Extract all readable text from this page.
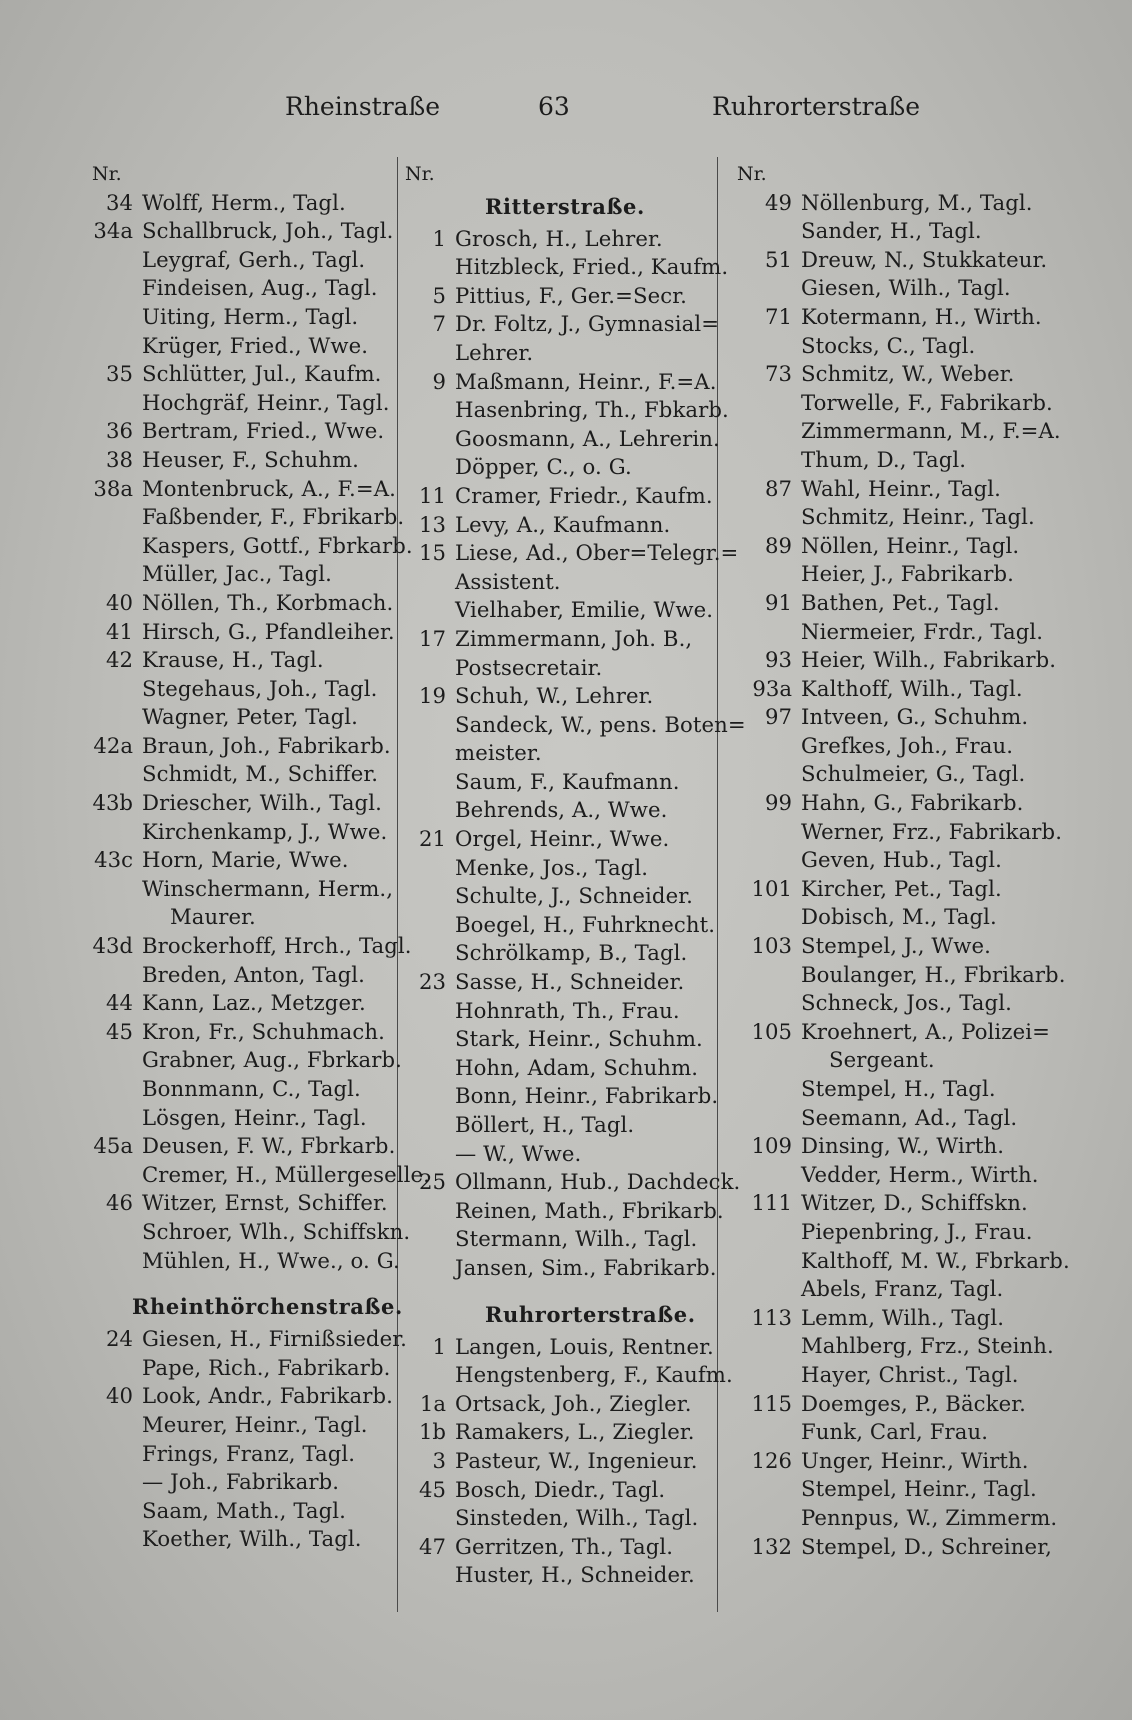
Rheinstraße	63	Ruhrorterstraße
Nr.
34 Wolff, Herm., Tagl.
34a Schallbruck, Joh., Tagl.
Leygraf, Gerh., Tagl.
Findeisen, Aug., Tagl.
Uiting, Herm., Tagl.
Krüger, Fried., Wwe.
35 Schlütter, Jul., Kaufm.
Hochgräf, Heinr., Tagl.
36 Bertram, Fried., Wwe.
38 Heuser, F., Schuhm.
38a Montenbruck, A., F.=A.
Faßbender, F., Fbrikarb.
Kaspers, Gottf., Fbrkarb.
Müller, Jac., Tagl.
40 Nöllen, Th., Korbmach.
41 Hirsch, G., Pfandleiher.
42 Krause, H., Tagl.
Stegehaus, Joh., Tagl.
Wagner, Peter, Tagl.
42a Braun, Joh., Fabrikarb.
Schmidt, M., Schiffer.
43b Driescher, Wilh., Tagl.
Kirchenkamp, J., Wwe.
43c Horn, Marie, Wwe.
Winschermann, Herm.,
Maurer.
43d Brockerhoff, Hrch., Tagl.
Breden, Anton, Tagl.
44 Kann, Laz., Metzger.
45 Kron, Fr., Schuhmach.
Grabner, Aug., Fbrkarb.
Bonnmann, C., Tagl.
Lösgen, Heinr., Tagl.
45a Deusen, F. W., Fbrkarb.
Cremer, H., Müllergeselle.
46 Witzer, Ernst, Schiffer.
Schroer, Wlh., Schiffskn.
Mühlen, H., Wwe., o. G.
Rheinthörchenstraße.
24 Giesen, H., Firnißsieder.
Pape, Rich., Fabrikarb.
40 Look, Andr., Fabrikarb.
Meurer, Heinr., Tagl.
Frings, Franz, Tagl.
— Joh., Fabrikarb.
Saam, Math., Tagl.
Koether, Wilh., Tagl.
Nr.
Ritterstraße.
1 Grosch, H., Lehrer.
Hitzbleck, Fried., Kaufm.
5 Pittius, F., Ger.=Secr.
7 Dr. Foltz, J., Gymnasial=
Lehrer.
9 Maßmann, Heinr., F.=A.
Hasenbring, Th., Fbkarb.
Goosmann, A., Lehrerin.
Döpper, C., o. G.
11 Cramer, Friedr., Kaufm.
13 Levy, A., Kaufmann.
15 Liese, Ad., Ober=Telegr.=
Assistent.
Vielhaber, Emilie, Wwe.
17 Zimmermann, Joh. B.,
Postsecretair.
19 Schuh, W., Lehrer.
Sandeck, W., pens. Boten=
meister.
Saum, F., Kaufmann.
Behrends, A., Wwe.
21 Orgel, Heinr., Wwe.
Menke, Jos., Tagl.
Schulte, J., Schneider.
Boegel, H., Fuhrknecht.
Schrölkamp, B., Tagl.
23 Sasse, H., Schneider.
Hohnrath, Th., Frau.
Stark, Heinr., Schuhm.
Hohn, Adam, Schuhm.
Bonn, Heinr., Fabrikarb.
Böllert, H., Tagl.
— W., Wwe.
25 Ollmann, Hub., Dachdeck.
Reinen, Math., Fbrikarb.
Stermann, Wilh., Tagl.
Jansen, Sim., Fabrikarb.
Ruhrorterstraße.
1 Langen, Louis, Rentner.
Hengstenberg, F., Kaufm.
1a Ortsack, Joh., Ziegler.
1b Ramakers, L., Ziegler.
3 Pasteur, W., Ingenieur.
45 Bosch, Diedr., Tagl.
Sinsteden, Wilh., Tagl.
47 Gerritzen, Th., Tagl.
Huster, H., Schneider.
Nr.
49 Nöllenburg, M., Tagl.
Sander, H., Tagl.
51 Dreuw, N., Stukkateur.
Giesen, Wilh., Tagl.
71 Kotermann, H., Wirth.
Stocks, C., Tagl.
73 Schmitz, W., Weber.
Torwelle, F., Fabrikarb.
Zimmermann, M., F.=A.
Thum, D., Tagl.
87 Wahl, Heinr., Tagl.
Schmitz, Heinr., Tagl.
89 Nöllen, Heinr., Tagl.
Heier, J., Fabrikarb.
91 Bathen, Pet., Tagl.
Niermeier, Frdr., Tagl.
93 Heier, Wilh., Fabrikarb.
93a Kalthoff, Wilh., Tagl.
97 Intveen, G., Schuhm.
Grefkes, Joh., Frau.
Schulmeier, G., Tagl.
99 Hahn, G., Fabrikarb.
Werner, Frz., Fabrikarb.
Geven, Hub., Tagl.
101 Kircher, Pet., Tagl.
Dobisch, M., Tagl.
103 Stempel, J., Wwe.
Boulanger, H., Fbrikarb.
Schneck, Jos., Tagl.
105 Kroehnert, A., Polizei=
Sergeant.
Stempel, H., Tagl.
Seemann, Ad., Tagl.
109 Dinsing, W., Wirth.
Vedder, Herm., Wirth.
111 Witzer, D., Schiffskn.
Piepenbring, J., Frau.
Kalthoff, M. W., Fbrkarb.
Abels, Franz, Tagl.
113 Lemm, Wilh., Tagl.
Mahlberg, Frz., Steinh.
Hayer, Christ., Tagl.
115 Doemges, P., Bäcker.
Funk, Carl, Frau.
126 Unger, Heinr., Wirth.
Stempel, Heinr., Tagl.
Pennpus, W., Zimmerm.
132 Stempel, D., Schreiner,
